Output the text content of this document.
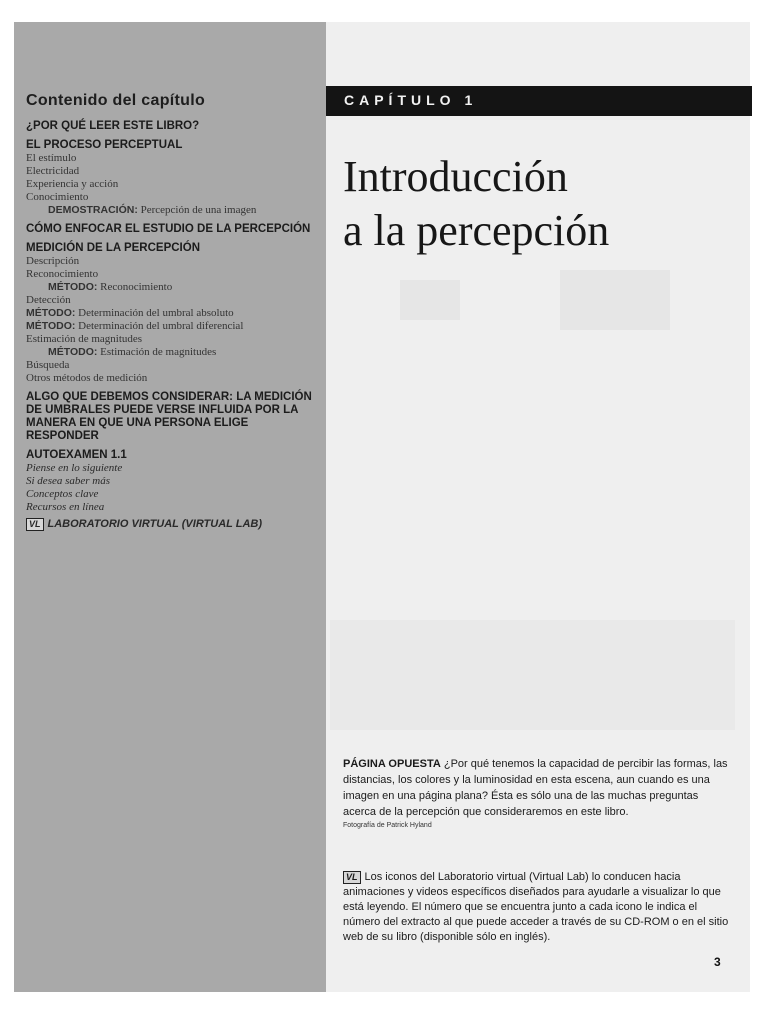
Contenido del capítulo
¿POR QUÉ LEER ESTE LIBRO?
EL PROCESO PERCEPTUAL
El estímulo
Electricidad
Experiencia y acción
Conocimiento
DEMOSTRACIÓN: Percepción de una imagen
CÓMO ENFOCAR EL ESTUDIO DE LA PERCEPCIÓN
MEDICIÓN DE LA PERCEPCIÓN
Descripción
Reconocimiento
MÉTODO: Reconocimiento
Detección
MÉTODO: Determinación del umbral absoluto
MÉTODO: Determinación del umbral diferencial
Estimación de magnitudes
MÉTODO: Estimación de magnitudes
Búsqueda
Otros métodos de medición
ALGO QUE DEBEMOS CONSIDERAR: LA MEDICIÓN DE UMBRALES PUEDE VERSE INFLUIDA POR LA MANERA EN QUE UNA PERSONA ELIGE RESPONDER
AUTOEXAMEN 1.1
Piense en lo siguiente
Si desea saber más
Conceptos clave
Recursos en línea
VL LABORATORIO VIRTUAL (VIRTUAL LAB)
CAPÍTULO 1
Introducción
a la percepción
PÁGINA OPUESTA ¿Por qué tenemos la capacidad de percibir las formas, las distancias, los colores y la luminosidad en esta escena, aun cuando es una imagen en una página plana? Ésta es sólo una de las muchas preguntas acerca de la percepción que consideraremos en este libro.
Fotografía de Patrick Hyland
VL Los iconos del Laboratorio virtual (Virtual Lab) lo conducen hacia animaciones y videos específicos diseñados para ayudarle a visualizar lo que está leyendo. El número que se encuentra junto a cada icono le indica el número del extracto al que puede acceder a través de su CD-ROM o en el sitio web de su libro (disponible sólo en inglés).
3
